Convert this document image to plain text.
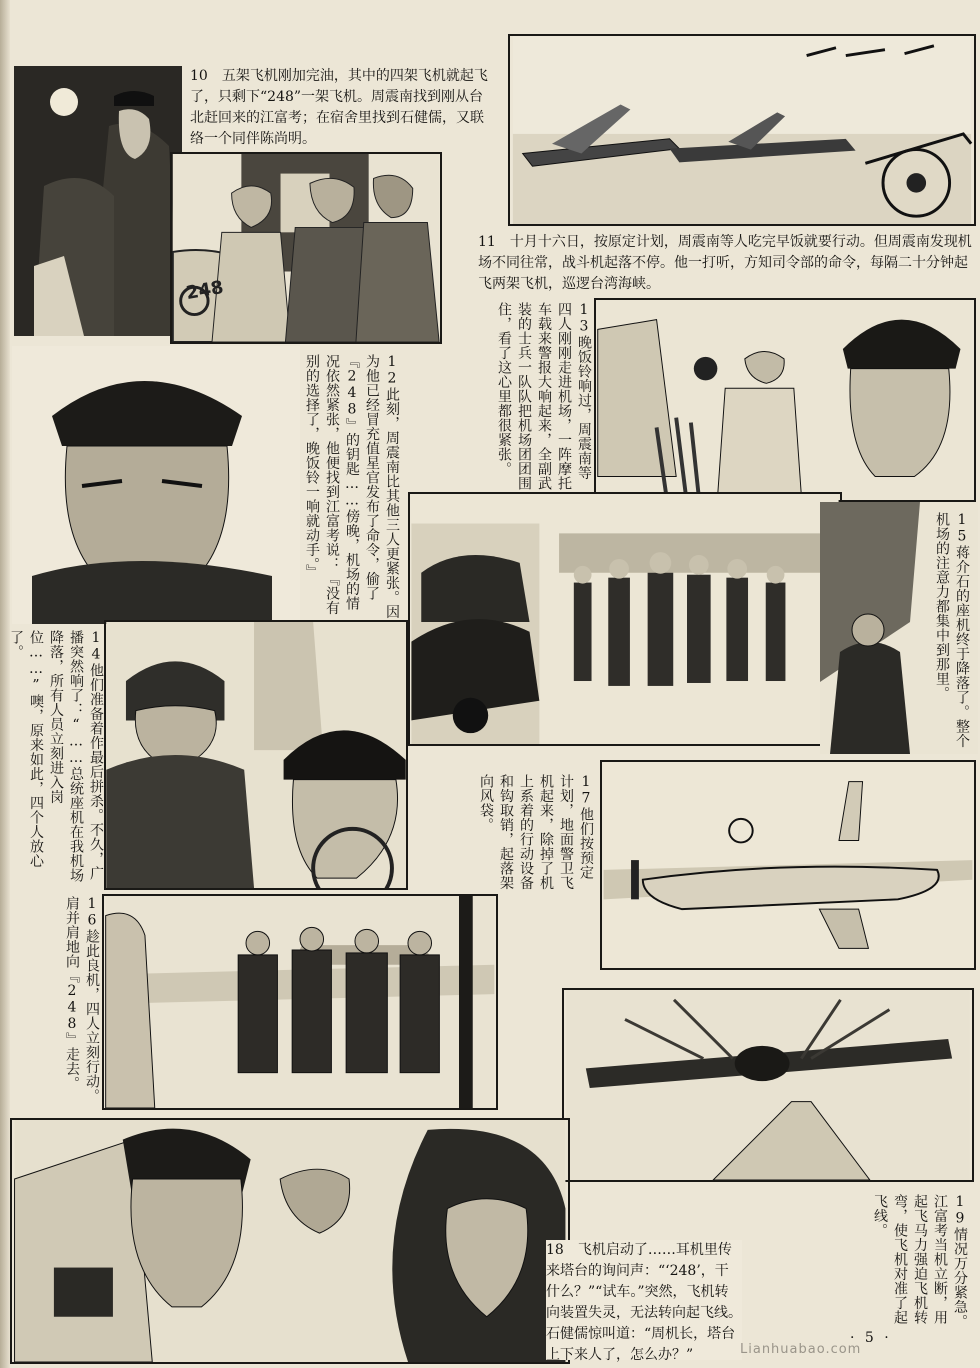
10　五架飞机刚加完油，其中的四架飞机就起飞了，只剩下“248”一架飞机。周震南找到刚从台北赶回来的江富考；在宿舍里找到石健儒，又联络一个同伴陈尚明。
248
11　十月十六日，按原定计划，周震南等人吃完早饭就要行动。但周震南发现机场不同往常，战斗机起落不停。他一打听，方知司令部的命令，每隔二十分钟起飞两架飞机，巡逻台湾海峡。
12此刻，周震南比其他三人更紧张。因为他已经冒充值星官发布了命令，偷了『248』的钥匙……傍晚，机场的情况依然紧张，他便找到江富考说：『没有别的选择了，晚饭铃一响就动手。』	13晚饭铃响过，周震南等四人刚刚走进机场，一阵摩托车载来警报大响起来，全副武装的士兵一队队把机场团团围住，看了这心里都很紧张。
15蒋介石的座机终于降落了。整个机场的注意力都集中到那里。
14他们准备着作最后拼杀。不久，广播突然响了：“……总统座机在我机场降落，所有人员立刻进入岗位……”噢，原来如此，四个人放心了。
17他们按预定计划，地面警卫飞机起来，除掉了机上系着的行动设备和钩取销，起落架向风袋。
16趁此良机，四人立刻行动。肩并肩地向『248』走去。
18　飞机启动了……耳机里传来塔台的询问声：“‘248’，干什么？”“试车。”突然，飞机转向装置失灵，无法转向起飞线。石健儒惊叫道：“周机长，塔台上下来人了，怎么办？”
19情况万分紧急。江富考当机立断，用起飞马力强迫飞机转弯，使飞机对准了起飞线。
· 5 ·
Lianhuabao.com
